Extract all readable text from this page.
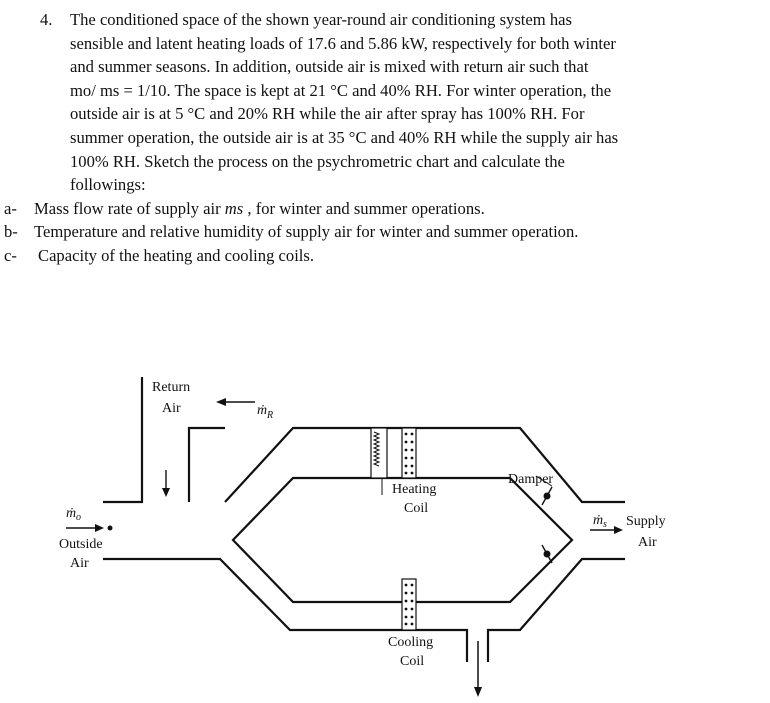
4.	The conditioned space of the shown year-round air conditioning system has
sensible and latent heating loads of 17.6 and 5.86 kW, respectively for both winter
and summer seasons. In addition, outside air is mixed with return air such that
mo/ ms = 1/10. The space is kept at 21 °C and 40% RH. For winter operation, the
outside air is at 5 °C and 20% RH while the air after spray has 100% RH. For
summer operation, the outside air is at 35 °C and 40% RH while the supply air has
100% RH. Sketch the process on the psychrometric chart and calculate the
followings:
a-	Mass flow rate of supply air ms , for winter and summer operations.
b- Temperature and relative humidity of supply air for winter and summer operation.
c-	Capacity of the heating and cooling coils.
Return
Air	ṁ R
Heating
Coil
Damper
ṁ o
Outside
Air
ṁ s Supply
Air
Cooling
Coil
